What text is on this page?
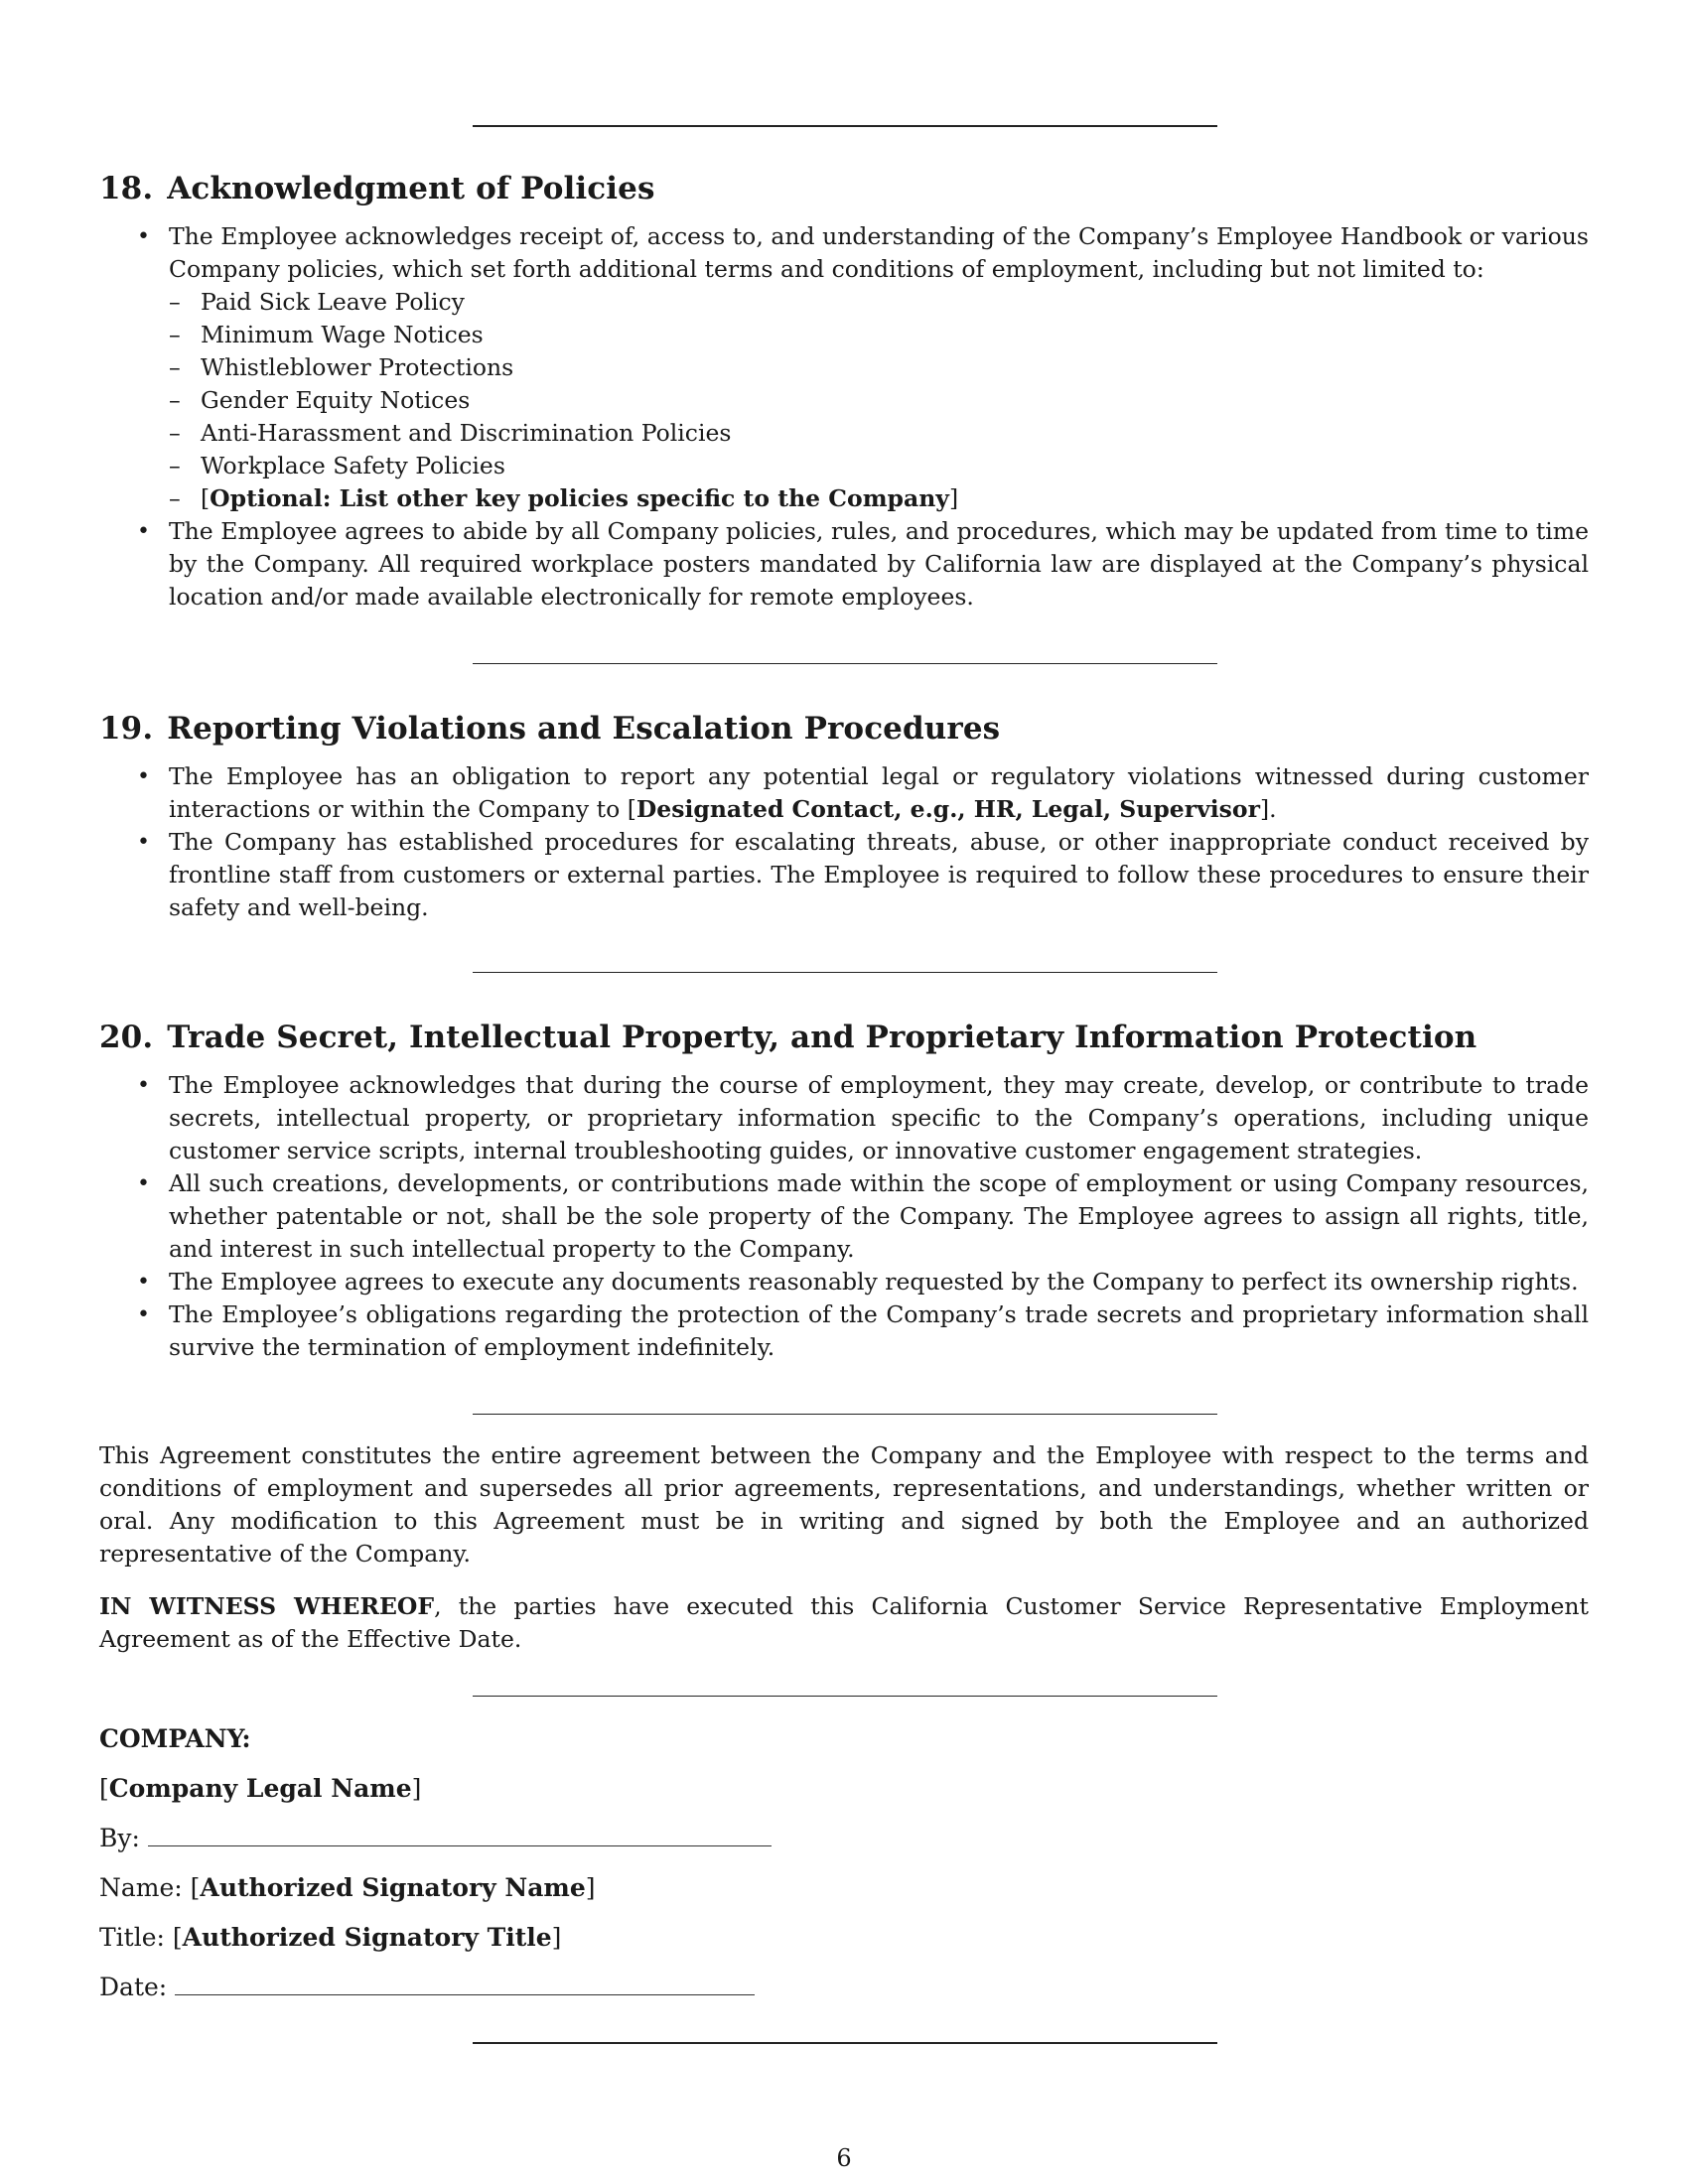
18. Acknowledgment of Policies
• The Employee acknowledges receipt of, access to, and understanding of the Company’s Employee Handbook or various Company policies, which set forth additional terms and conditions of employment, including but not limited to:
– Paid Sick Leave Policy
– Minimum Wage Notices
– Whistleblower Protections
– Gender Equity Notices
– Anti-Harassment and Discrimination Policies
– Workplace Safety Policies
– [Optional: List other key policies specific to the Company]
• The Employee agrees to abide by all Company policies, rules, and procedures, which may be updated from time to time by the Company. All required workplace posters mandated by California law are displayed at the Company’s physical location and/or made available electronically for remote employees.
19. Reporting Violations and Escalation Procedures
• The Employee has an obligation to report any potential legal or regulatory violations witnessed during customer interactions or within the Company to [Designated Contact, e.g., HR, Legal, Supervisor].
• The Company has established procedures for escalating threats, abuse, or other inappropriate conduct received by frontline staff from customers or external parties. The Employee is required to follow these procedures to ensure their safety and well-being.
20. Trade Secret, Intellectual Property, and Proprietary Information Protection
• The Employee acknowledges that during the course of employment, they may create, develop, or contribute to trade secrets, intellectual property, or proprietary information specific to the Company’s operations, including unique customer service scripts, internal troubleshooting guides, or innovative customer engagement strategies.
• All such creations, developments, or contributions made within the scope of employment or using Company resources, whether patentable or not, shall be the sole property of the Company. The Employee agrees to assign all rights, title, and interest in such intellectual property to the Company.
• The Employee agrees to execute any documents reasonably requested by the Company to perfect its ownership rights.
• The Employee’s obligations regarding the protection of the Company’s trade secrets and proprietary information shall survive the termination of employment indefinitely.

This Agreement constitutes the entire agreement between the Company and the Employee with respect to the terms and conditions of employment and supersedes all prior agreements, representations, and understandings, whether written or oral. Any modification to this Agreement must be in writing and signed by both the Employee and an authorized representative of the Company.

IN WITNESS WHEREOF, the parties have executed this California Customer Service Representative Employment Agreement as of the Effective Date.

COMPANY:
[Company Legal Name]
By:
Name: [Authorized Signatory Name]
Title: [Authorized Signatory Title]
Date:
6
